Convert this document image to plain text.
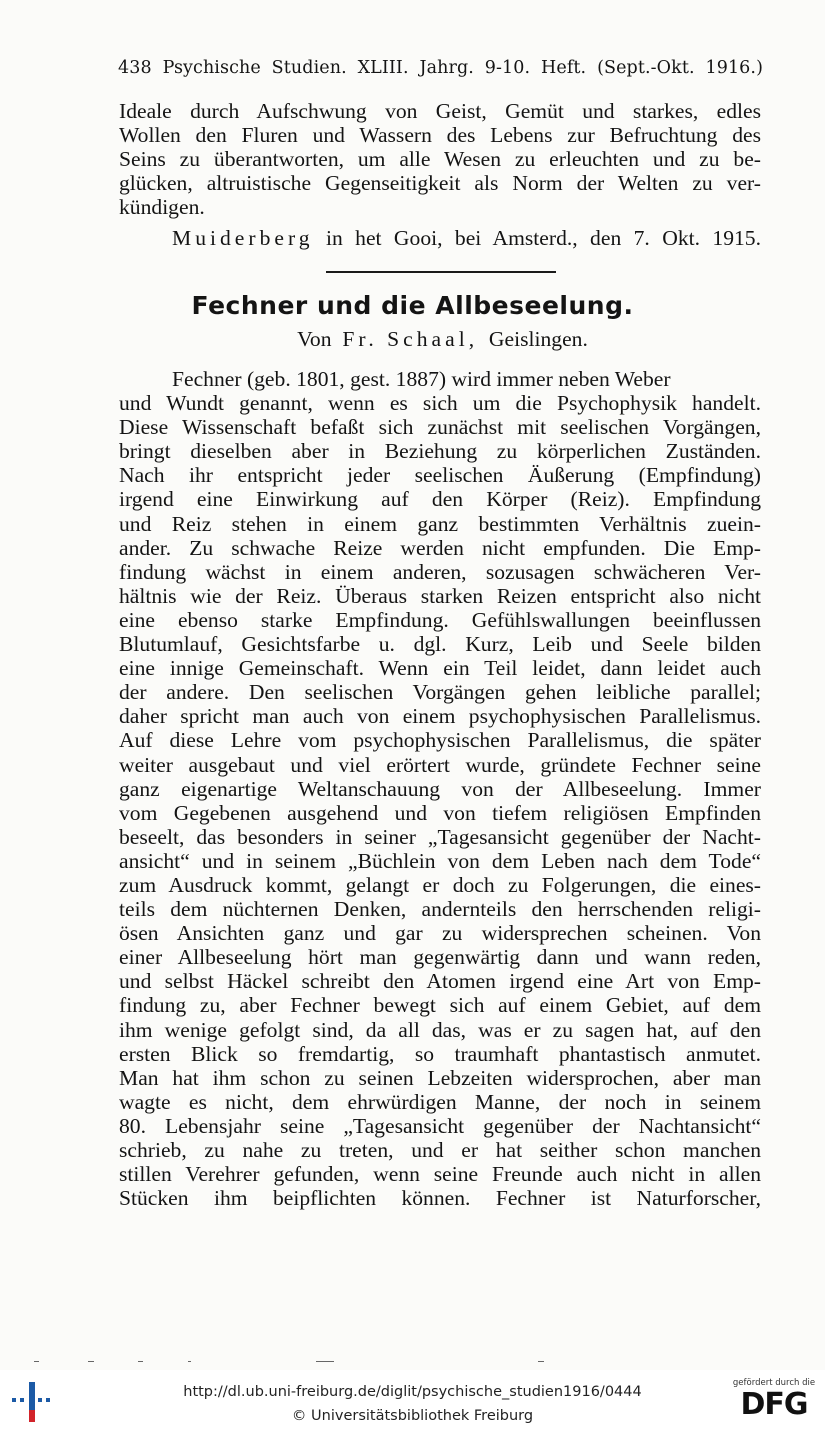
438 Psychische Studien. XLIII. Jahrg. 9-10. Heft. (Sept.-Okt. 1916.)
Ideale durch Aufschwung von Geist, Gemüt und starkes, edles
Wollen den Fluren und Wassern des Lebens zur Befruchtung des
Seins zu überantworten, um alle Wesen zu erleuchten und zu be-
glücken, altruistische Gegenseitigkeit als Norm der Welten zu ver-
kündigen.
Muiderberg in het Gooi, bei Amsterd., den 7. Okt. 1915.
Fechner und die Allbeseelung.
Von Fr. Schaal, Geislingen.
Fechner (geb. 1801, gest. 1887) wird immer neben Weber
und Wundt genannt, wenn es sich um die Psychophysik handelt.
Diese Wissenschaft befaßt sich zunächst mit seelischen Vorgängen,
bringt dieselben aber in Beziehung zu körperlichen Zuständen.
Nach ihr entspricht jeder seelischen Äußerung (Empfindung)
irgend eine Einwirkung auf den Körper (Reiz). Empfindung
und Reiz stehen in einem ganz bestimmten Verhältnis zuein-
ander. Zu schwache Reize werden nicht empfunden. Die Emp-
findung wächst in einem anderen, sozusagen schwächeren Ver-
hältnis wie der Reiz. Überaus starken Reizen entspricht also nicht
eine ebenso starke Empfindung. Gefühlswallungen beeinflussen
Blutumlauf, Gesichtsfarbe u. dgl. Kurz, Leib und Seele bilden
eine innige Gemeinschaft. Wenn ein Teil leidet, dann leidet auch
der andere. Den seelischen Vorgängen gehen leibliche parallel;
daher spricht man auch von einem psychophysischen Parallelismus.
Auf diese Lehre vom psychophysischen Parallelismus, die später
weiter ausgebaut und viel erörtert wurde, gründete Fechner seine
ganz eigenartige Weltanschauung von der Allbeseelung. Immer
vom Gegebenen ausgehend und von tiefem religiösen Empfinden
beseelt, das besonders in seiner „Tagesansicht gegenüber der Nacht-
ansicht“ und in seinem „Büchlein von dem Leben nach dem Tode“
zum Ausdruck kommt, gelangt er doch zu Folgerungen, die eines-
teils dem nüchternen Denken, andernteils den herrschenden religi-
ösen Ansichten ganz und gar zu widersprechen scheinen. Von
einer Allbeseelung hört man gegenwärtig dann und wann reden,
und selbst Häckel schreibt den Atomen irgend eine Art von Emp-
findung zu, aber Fechner bewegt sich auf einem Gebiet, auf dem
ihm wenige gefolgt sind, da all das, was er zu sagen hat, auf den
ersten Blick so fremdartig, so traumhaft phantastisch anmutet.
Man hat ihm schon zu seinen Lebzeiten widersprochen, aber man
wagte es nicht, dem ehrwürdigen Manne, der noch in seinem
80. Lebensjahr seine „Tagesansicht gegenüber der Nachtansicht“
schrieb, zu nahe zu treten, und er hat seither schon manchen
stillen Verehrer gefunden, wenn seine Freunde auch nicht in allen
Stücken ihm beipflichten können. Fechner ist Naturforscher,
http://dl.ub.uni-freiburg.de/diglit/psychische_studien1916/0444
© Universitätsbibliothek Freiburg
gefördert durch die
DFG
